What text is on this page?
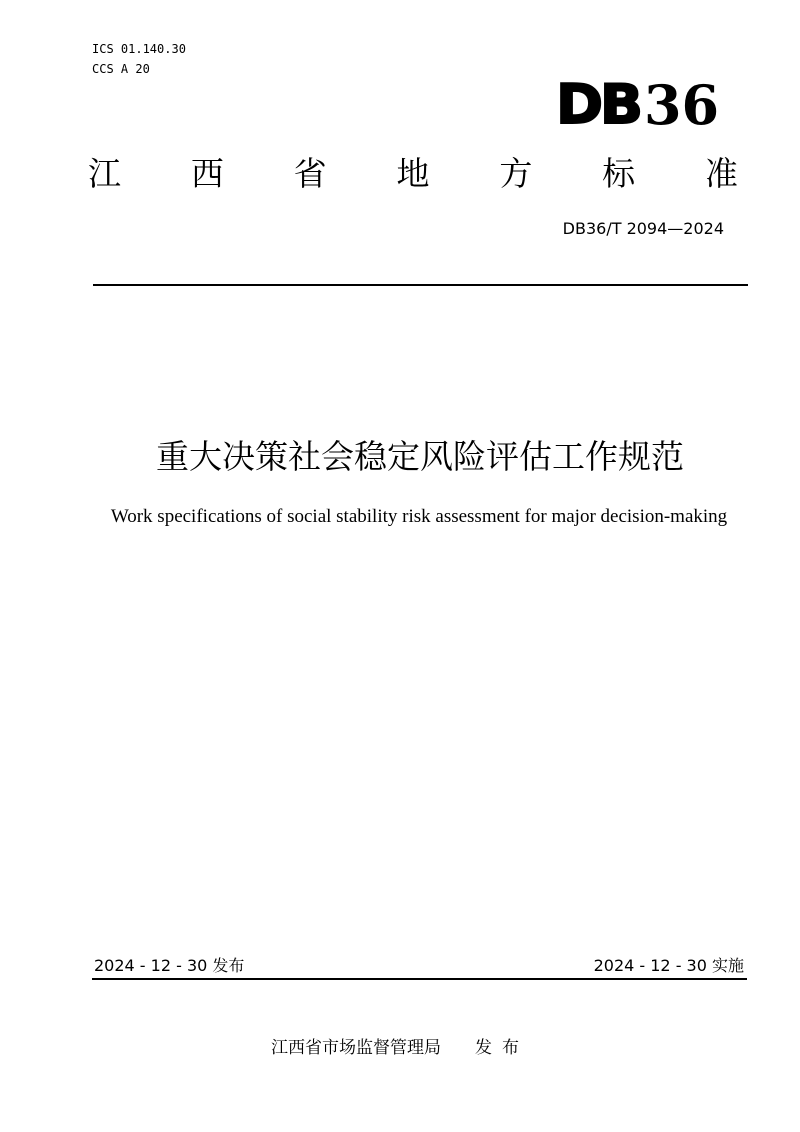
ICS 01.140.30
CCS A 20
DB 36
江 西 省 地 方 标 准
DB36/T 2094—2024
重大决策社会稳定风险评估工作规范
Work specifications of social stability risk assessment for major decision-making
2024 - 12 - 30 发布	2024 - 12 - 30 实施
江西省市场监督管理局 发布
